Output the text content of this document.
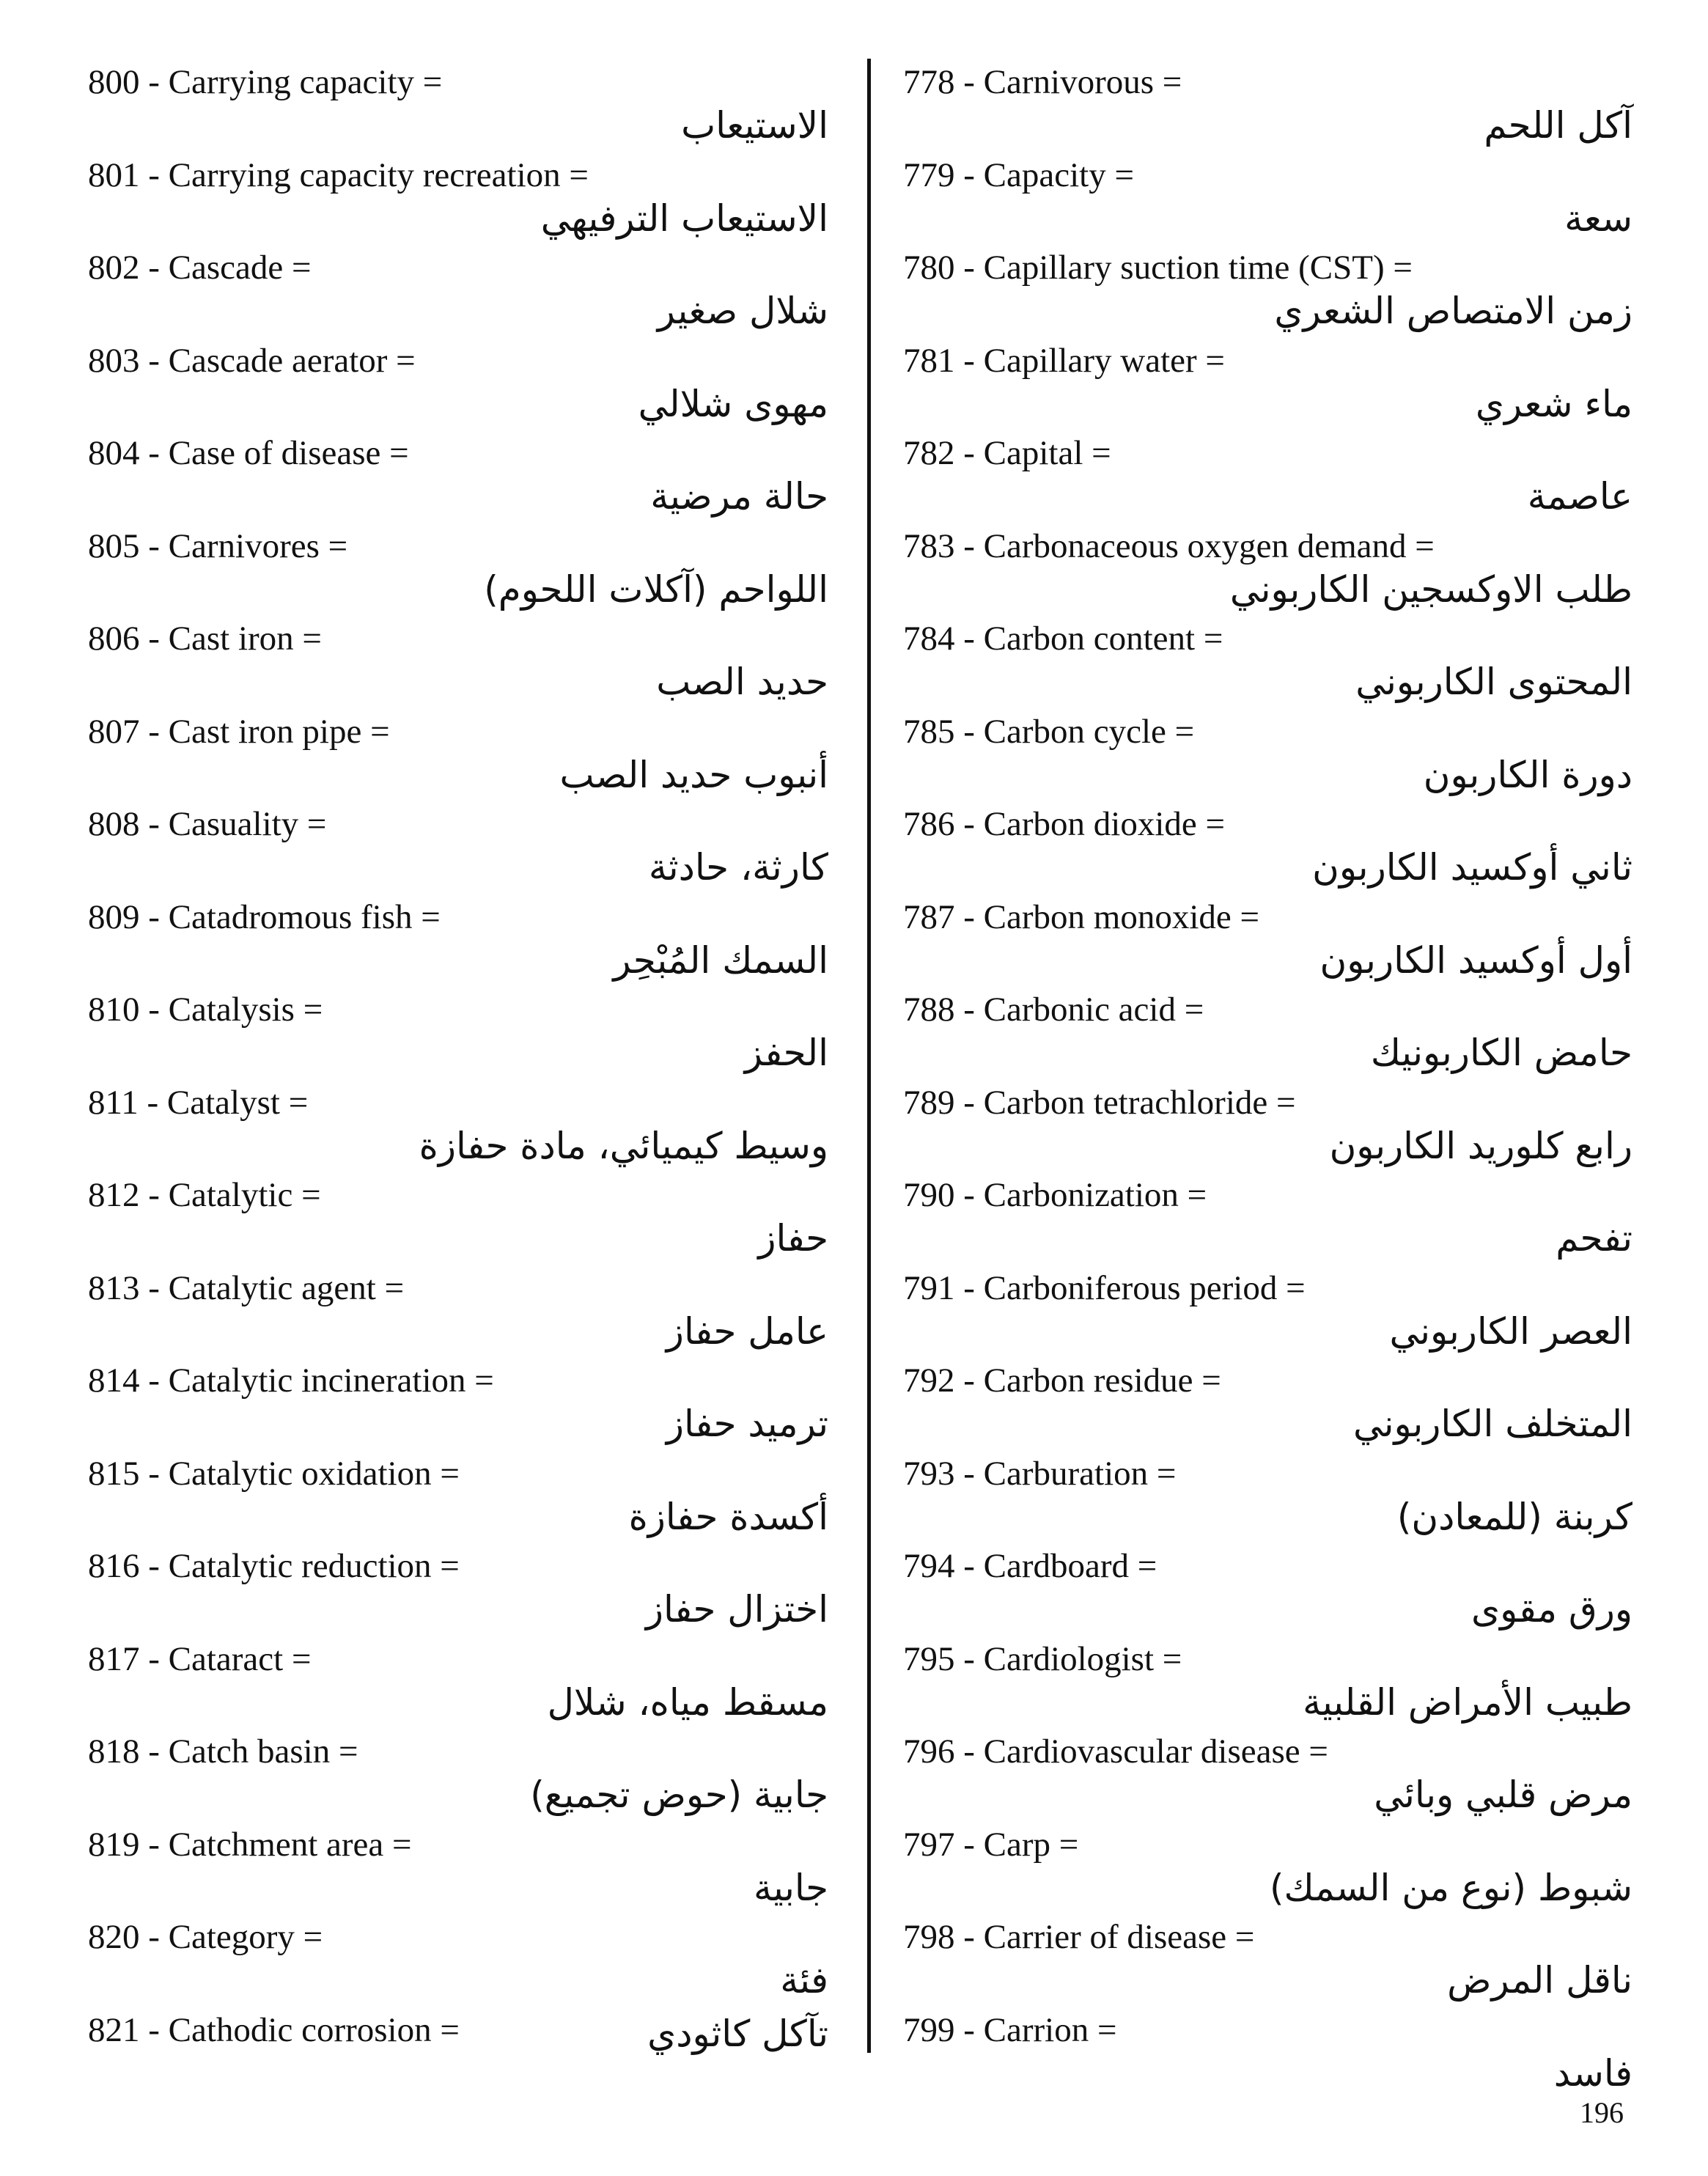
800 - Carrying capacity =
الاستيعاب
801 - Carrying capacity recreation =
الاستيعاب الترفيهي
802 - Cascade =
شلال صغير
803 - Cascade aerator =
مهوى شلالي
804 - Case of disease =
حالة مرضية
805 - Carnivores =
اللواحم (آكلات اللحوم)
806 - Cast iron =
حديد الصب
807 - Cast iron pipe =
أنبوب حديد الصب
808 - Casuality =
كارثة، حادثة
809 - Catadromous fish =
السمك المُبْحِر
810 - Catalysis =
الحفز
811 - Catalyst =
وسيط كيميائي، مادة حفازة
812 - Catalytic =
حفاز
813 - Catalytic agent =
عامل حفاز
814 - Catalytic incineration =
ترميد حفاز
815 - Catalytic oxidation =
أكسدة حفازة
816 - Catalytic reduction =
اختزال حفاز
817 - Cataract =
مسقط مياه، شلال
818 - Catch basin =
جابية (حوض تجميع)
819 - Catchment area =
جابية
820 - Category =
فئة
821 - Cathodic corrosion =	تآكل كاثودي
778 - Carnivorous =
آكل اللحم
779 - Capacity =
سعة
780 - Capillary suction time (CST) =
زمن الامتصاص الشعري
781 - Capillary water =
ماء شعري
782 - Capital =
عاصمة
783 - Carbonaceous oxygen demand =
طلب الاوكسجين الكاربوني
784 - Carbon content =
المحتوى الكاربوني
785 - Carbon cycle =
دورة الكاربون
786 - Carbon dioxide =
ثاني أوكسيد الكاربون
787 - Carbon monoxide =
أول أوكسيد الكاربون
788 - Carbonic acid =
حامض الكاربونيك
789 - Carbon tetrachloride =
رابع كلوريد الكاربون
790 - Carbonization =
تفحم
791 - Carboniferous period =
العصر الكاربوني
792 - Carbon residue =
المتخلف الكاربوني
793 - Carburation =
كربنة (للمعادن)
794 - Cardboard =
ورق مقوى
795 - Cardiologist =
طبيب الأمراض القلبية
796 - Cardiovascular disease =
مرض قلبي وبائي
797 - Carp =
شبوط (نوع من السمك)
798 - Carrier of disease =
ناقل المرض
799 - Carrion =
فاسد
196
